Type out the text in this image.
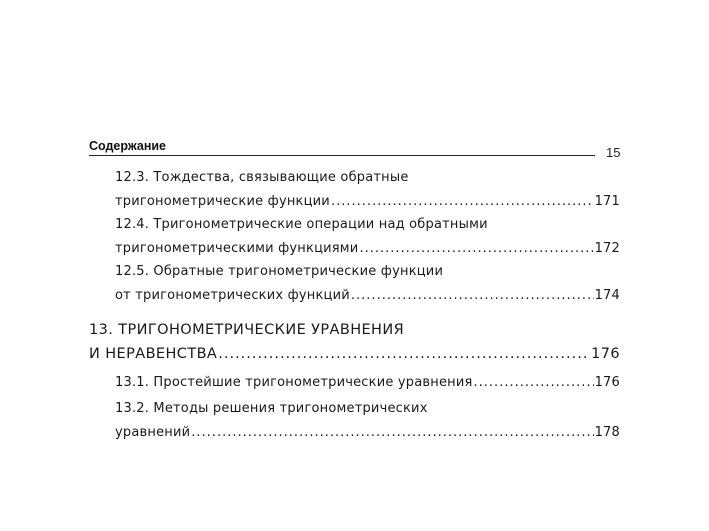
Содержание	15
12.3. Тождества, связывающие обратные
тригонометрические функции .....	171
12.4. Тригонометрические операции над обратными
тригонометрическими функциями .....	172
12.5. Обратные тригонометрические функции
от тригонометрических функций .....	174
13. ТРИГОНОМЕТРИЧЕСКИЕ УРАВНЕНИЯ
И НЕРАВЕНСТВА .....	176
13.1. Простейшие тригонометрические уравнения .....	176
13.2. Методы решения тригонометрических
уравнений .....	178
